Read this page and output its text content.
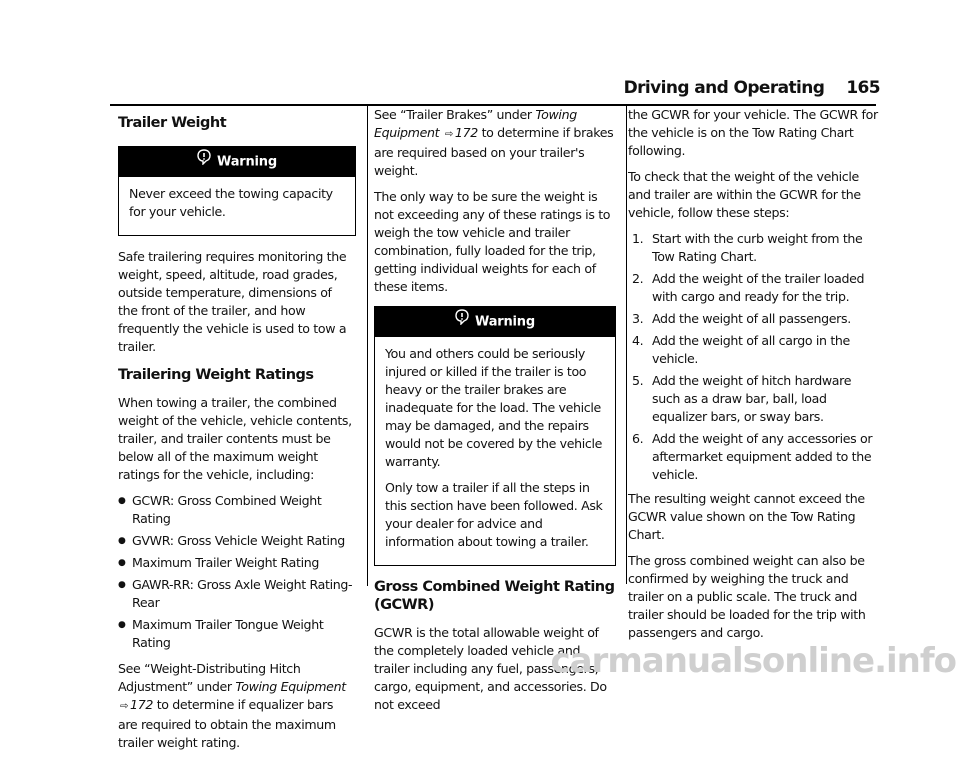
Driving and Operating 165
Trailer Weight
Warning

Never exceed the towing capacity for your vehicle.

Safe trailering requires monitoring the weight, speed, altitude, road grades, outside temperature, dimensions of the front of the trailer, and how frequently the vehicle is used to tow a trailer.

Trailering Weight Ratings

When towing a trailer, the combined weight of the vehicle, vehicle contents, trailer, and trailer contents must be below all of the maximum weight ratings for the vehicle, including:

● GCWR: Gross Combined Weight Rating
● GVWR: Gross Vehicle Weight Rating
● Maximum Trailer Weight Rating
● GAWR-RR: Gross Axle Weight Rating-Rear
● Maximum Trailer Tongue Weight Rating

See “Weight-Distributing Hitch Adjustment” under Towing Equipment ⇨ 172 to determine if equalizer bars are required to obtain the maximum trailer weight rating.

See “Trailer Brakes” under Towing Equipment ⇨ 172 to determine if brakes are required based on your trailer's weight.

The only way to be sure the weight is not exceeding any of these ratings is to weigh the tow vehicle and trailer combination, fully loaded for the trip, getting individual weights for each of these items.

Warning

You and others could be seriously injured or killed if the trailer is too heavy or the trailer brakes are inadequate for the load. The vehicle may be damaged, and the repairs would not be covered by the vehicle warranty.

Only tow a trailer if all the steps in this section have been followed. Ask your dealer for advice and information about towing a trailer.

Gross Combined Weight Rating (GCWR)

GCWR is the total allowable weight of the completely loaded vehicle and trailer including any fuel, passengers, cargo, equipment, and accessories. Do not exceed

the GCWR for your vehicle. The GCWR for the vehicle is on the Tow Rating Chart following.

To check that the weight of the vehicle and trailer are within the GCWR for the vehicle, follow these steps:

1. Start with the curb weight from the Tow Rating Chart.
2. Add the weight of the trailer loaded with cargo and ready for the trip.
3. Add the weight of all passengers.
4. Add the weight of all cargo in the vehicle.
5. Add the weight of hitch hardware such as a draw bar, ball, load equalizer bars, or sway bars.
6. Add the weight of any accessories or aftermarket equipment added to the vehicle.

The resulting weight cannot exceed the GCWR value shown on the Tow Rating Chart.

The gross combined weight can also be confirmed by weighing the truck and trailer on a public scale. The truck and trailer should be loaded for the trip with passengers and cargo.

carmanualsonline.info
